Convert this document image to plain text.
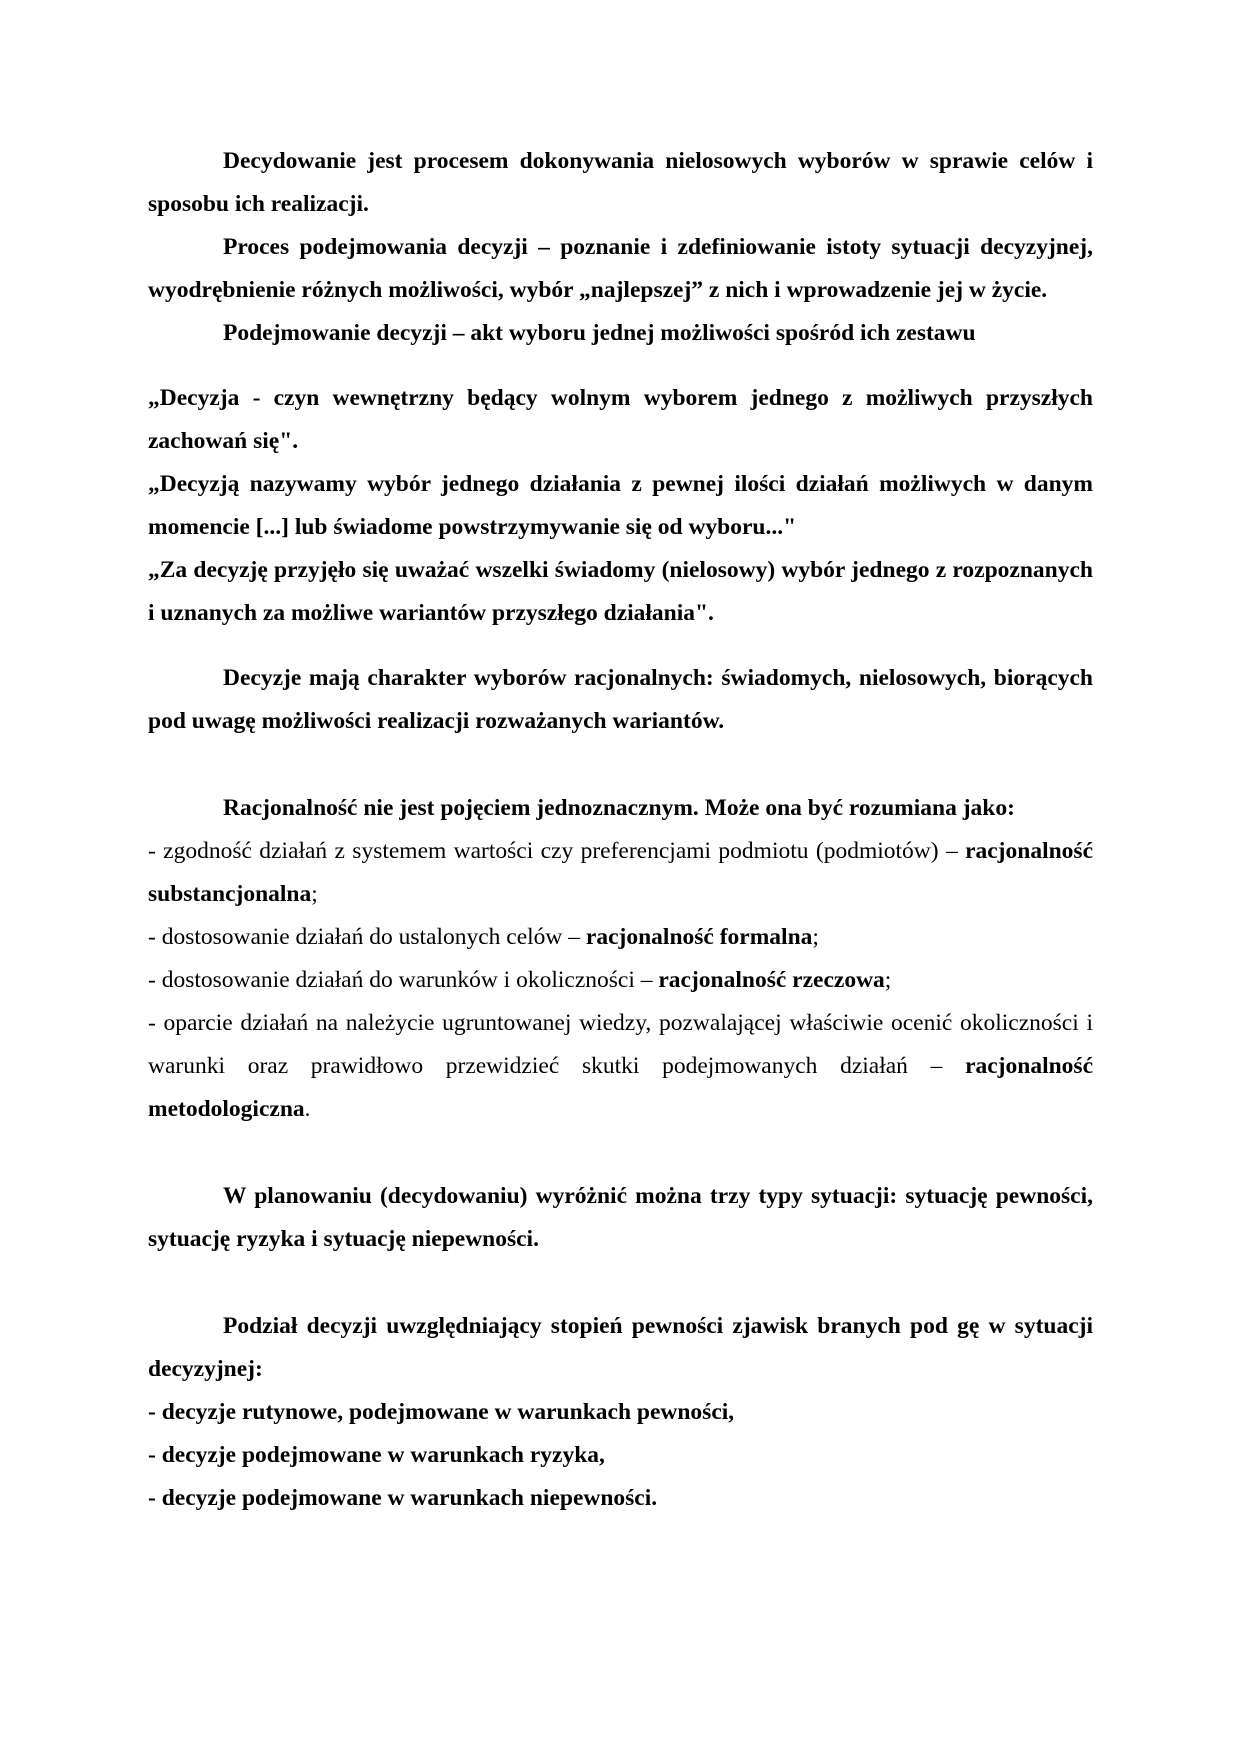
Decydowanie jest procesem dokonywania nielosowych wyborów w sprawie celów i sposobu ich realizacji.

Proces podejmowania decyzji – poznanie i zdefiniowanie istoty sytuacji decyzyjnej, wyodrębnienie różnych możliwości, wybór „najlepszej” z nich i wprowadzenie jej w życie.

Podejmowanie decyzji – akt wyboru jednej możliwości spośród ich zestawu

„Decyzja - czyn wewnętrzny będący wolnym wyborem jednego z możliwych przyszłych zachowań się".

„Decyzją nazywamy wybór jednego działania z pewnej ilości działań możliwych w danym momencie [...] lub świadome powstrzymywanie się od wyboru..."

„Za decyzję przyjęło się uważać wszelki świadomy (nielosowy) wybór jednego z rozpoznanych i uznanych za możliwe wariantów przyszłego działania".

Decyzje mają charakter wyborów racjonalnych: świadomych, nielosowych, biorących pod uwagę możliwości realizacji rozważanych wariantów.

Racjonalność nie jest pojęciem jednoznacznym. Może ona być rozumiana jako:

- zgodność działań z systemem wartości czy preferencjami podmiotu (podmiotów) – racjonalność substancjonalna;

- dostosowanie działań do ustalonych celów – racjonalność formalna;

- dostosowanie działań do warunków i okoliczności – racjonalność rzeczowa;

- oparcie działań na należycie ugruntowanej wiedzy, pozwalającej właściwie ocenić okoliczności i warunki oraz prawidłowo przewidzieć skutki podejmowanych działań – racjonalność metodologiczna.

W planowaniu (decydowaniu) wyróżnić można trzy typy sytuacji: sytuację pewności, sytuację ryzyka i sytuację niepewności.

Podział decyzji uwzględniający stopień pewności zjawisk branych pod gę w sytuacji decyzyjnej:

- decyzje rutynowe, podejmowane w warunkach pewności,

- decyzje podejmowane w warunkach ryzyka,

- decyzje podejmowane w warunkach niepewności.
